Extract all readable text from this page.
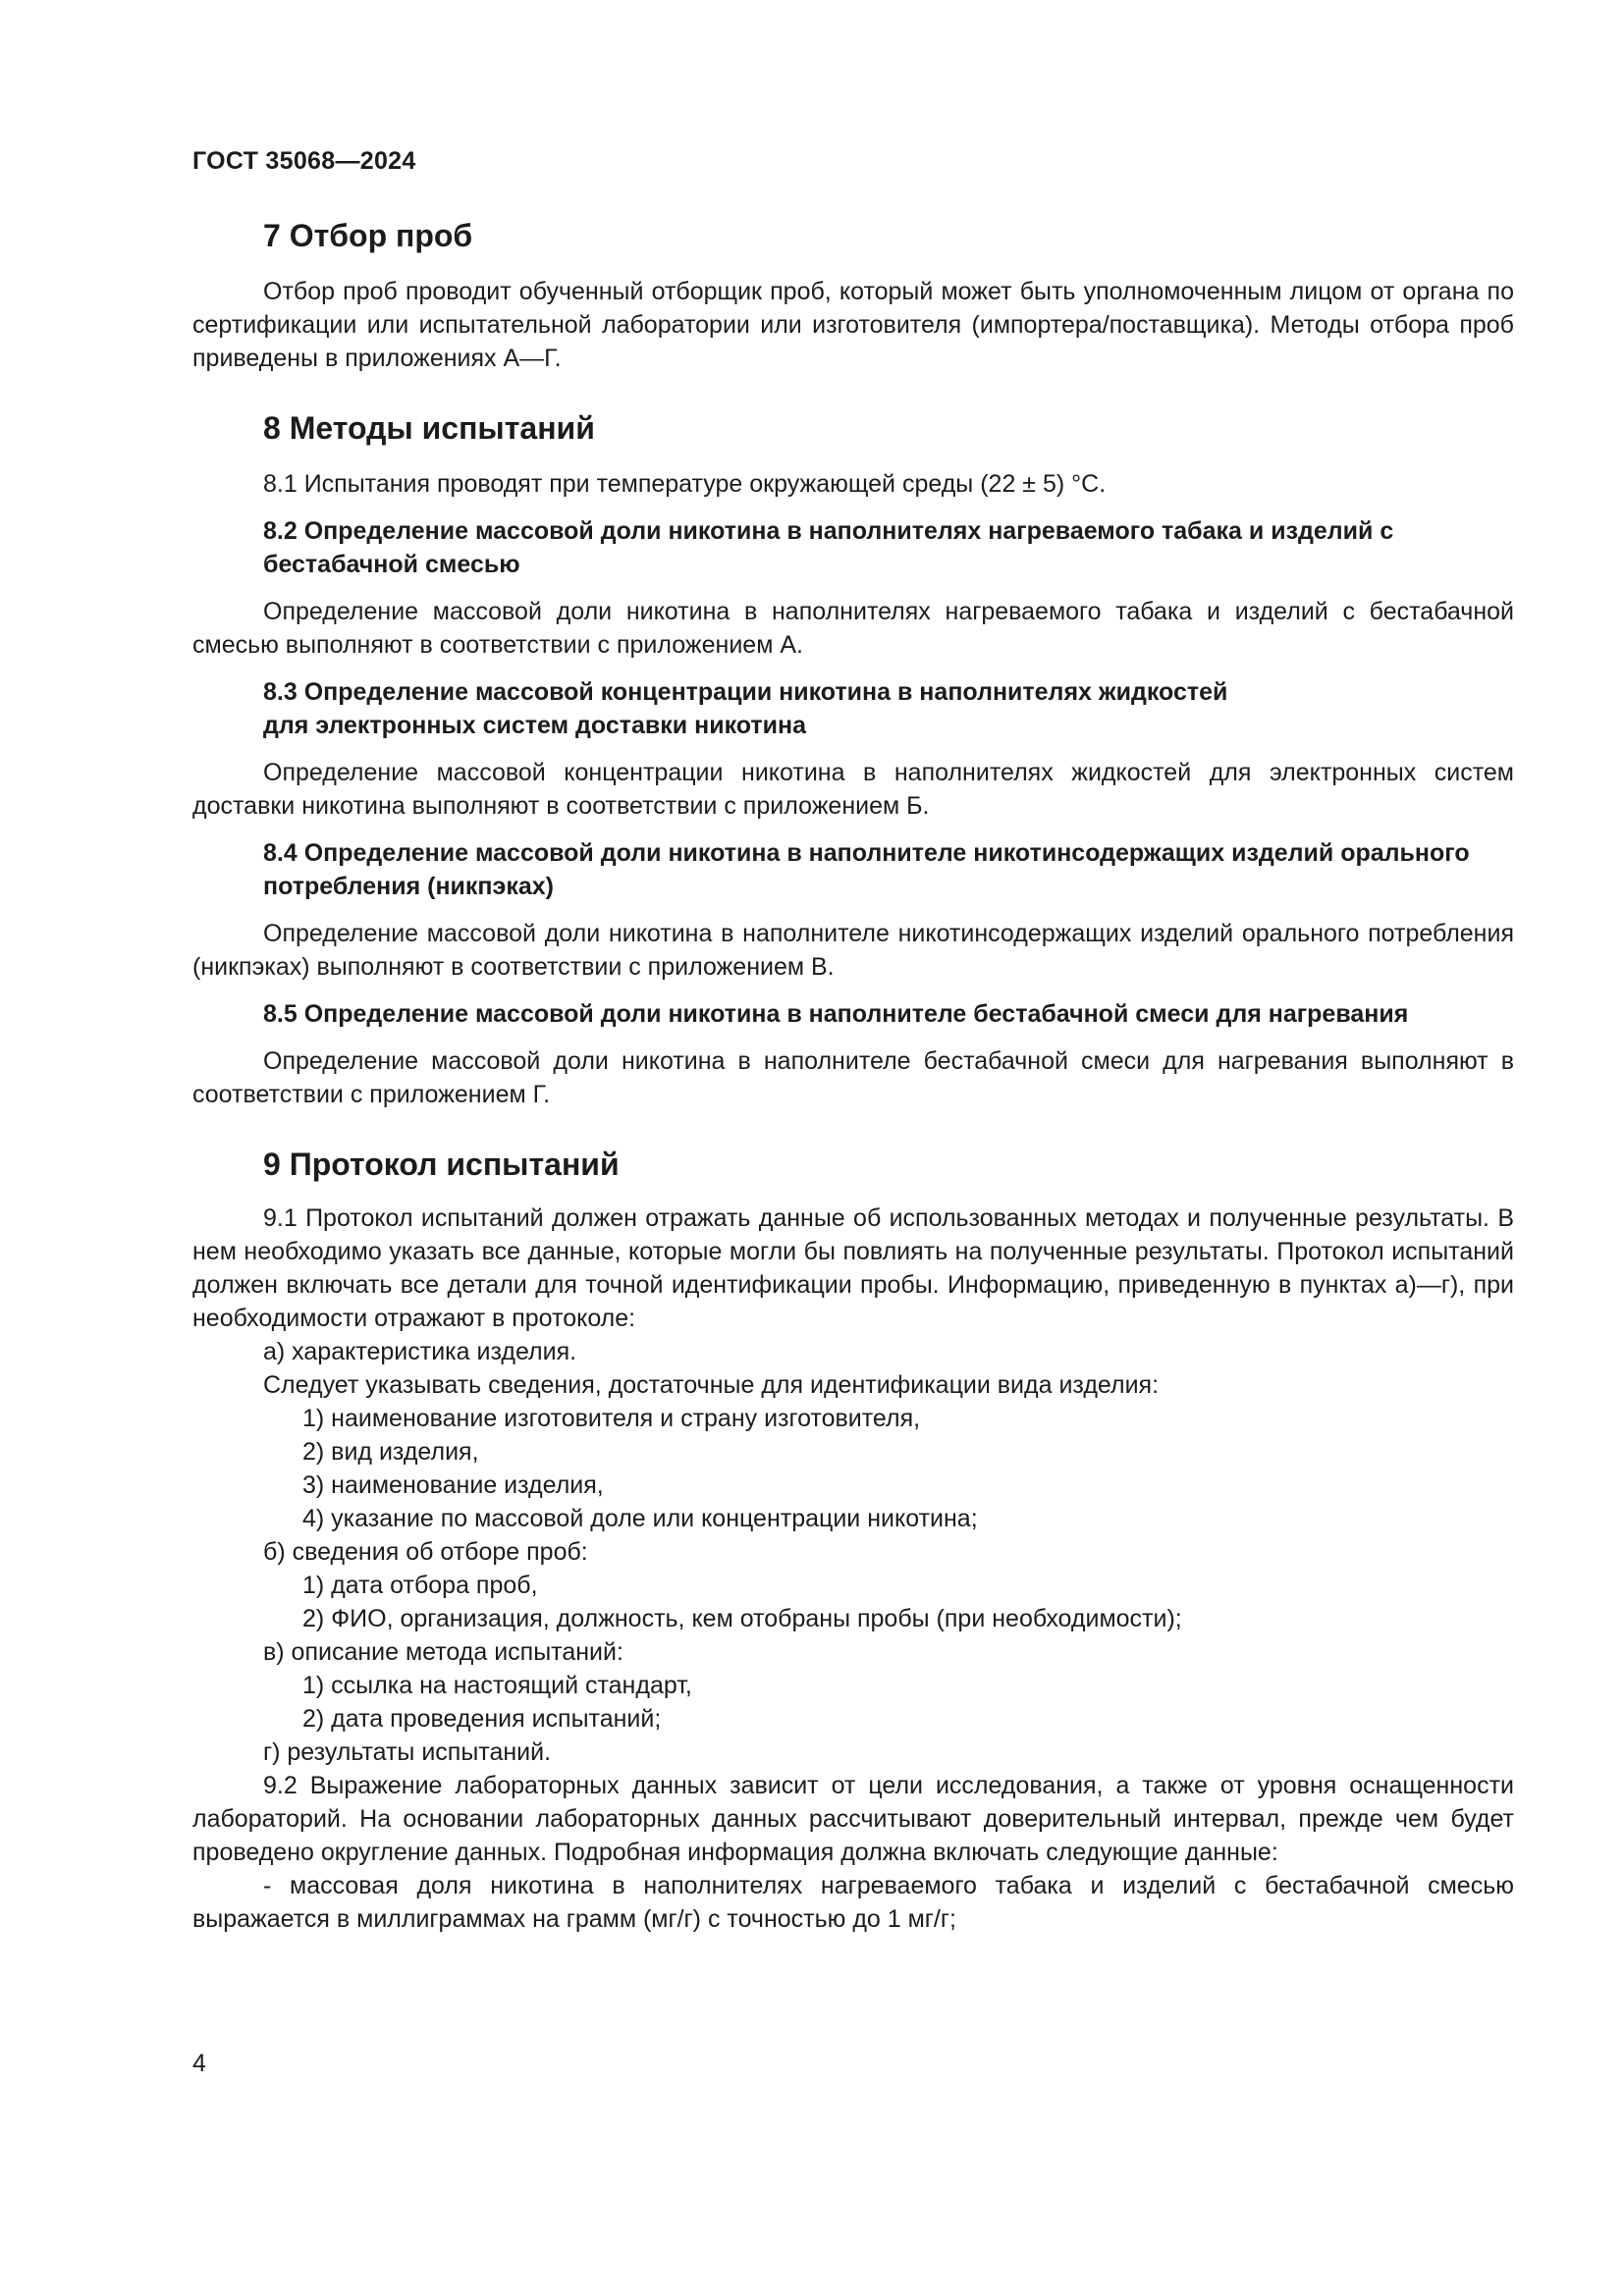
ГОСТ 35068—2024
7 Отбор проб

Отбор проб проводит обученный отборщик проб, который может быть уполномоченным лицом от органа по сертификации или испытательной лаборатории или изготовителя (импортера/поставщика). Методы отбора проб приведены в приложениях А—Г.

8 Методы испытаний

8.1 Испытания проводят при температуре окружающей среды (22 ± 5) °С.

8.2 Определение массовой доли никотина в наполнителях нагреваемого табака и изделий с бестабачной смесью

Определение массовой доли никотина в наполнителях нагреваемого табака и изделий с бестабачной смесью выполняют в соответствии с приложением А.

8.3 Определение массовой концентрации никотина в наполнителях жидкостей
для электронных систем доставки никотина

Определение массовой концентрации никотина в наполнителях жидкостей для электронных систем доставки никотина выполняют в соответствии с приложением Б.

8.4 Определение массовой доли никотина в наполнителе никотинсодержащих изделий орального потребления (никпэках)

Определение массовой доли никотина в наполнителе никотинсодержащих изделий орального потребления (никпэках) выполняют в соответствии с приложением В.

8.5 Определение массовой доли никотина в наполнителе бестабачной смеси для нагревания

Определение массовой доли никотина в наполнителе бестабачной смеси для нагревания выполняют в соответствии с приложением Г.

9 Протокол испытаний

9.1 Протокол испытаний должен отражать данные об использованных методах и полученные результаты. В нем необходимо указать все данные, которые могли бы повлиять на полученные результаты. Протокол испытаний должен включать все детали для точной идентификации пробы. Информацию, приведенную в пунктах а)—г), при необходимости отражают в протоколе:

а) характеристика изделия.

Следует указывать сведения, достаточные для идентификации вида изделия:

1) наименование изготовителя и страну изготовителя,

2) вид изделия,

3) наименование изделия,

4) указание по массовой доле или концентрации никотина;

б) сведения об отборе проб:

1) дата отбора проб,

2) ФИО, организация, должность, кем отобраны пробы (при необходимости);

в) описание метода испытаний:

1) ссылка на настоящий стандарт,

2) дата проведения испытаний;

г) результаты испытаний.

9.2 Выражение лабораторных данных зависит от цели исследования, а также от уровня оснащенности лабораторий. На основании лабораторных данных рассчитывают доверительный интервал, прежде чем будет проведено округление данных. Подробная информация должна включать следующие данные:

- массовая доля никотина в наполнителях нагреваемого табака и изделий с бестабачной смесью выражается в миллиграммах на грамм (мг/г) с точностью до 1 мг/г;

4
